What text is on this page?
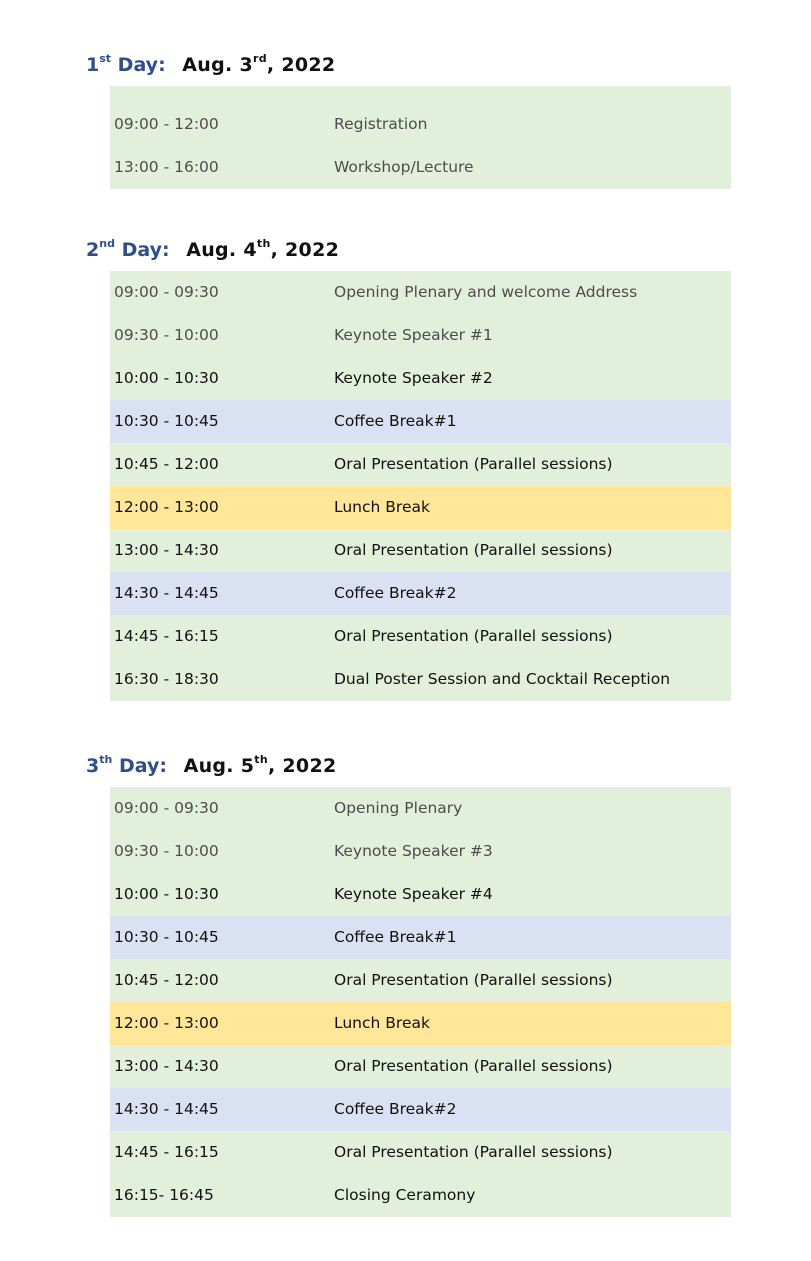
1st Day: Aug. 3rd, 2022
09:00 - 12:00	Registration
13:00 - 16:00	Workshop/Lecture
2nd Day: Aug. 4th, 2022
09:00 - 09:30	Opening Plenary and welcome Address
09:30 - 10:00	Keynote Speaker #1
10:00 - 10:30	Keynote Speaker #2
10:30 - 10:45	Coffee Break#1
10:45 - 12:00	Oral Presentation (Parallel sessions)
12:00 - 13:00	Lunch Break
13:00 - 14:30	Oral Presentation (Parallel sessions)
14:30 - 14:45	Coffee Break#2
14:45 - 16:15	Oral Presentation (Parallel sessions)
16:30 - 18:30	Dual Poster Session and Cocktail Reception
3th Day: Aug. 5th, 2022
09:00 - 09:30	Opening Plenary
09:30 - 10:00	Keynote Speaker #3
10:00 - 10:30	Keynote Speaker #4
10:30 - 10:45	Coffee Break#1
10:45 - 12:00	Oral Presentation (Parallel sessions)
12:00 - 13:00	Lunch Break
13:00 - 14:30	Oral Presentation (Parallel sessions)
14:30 - 14:45	Coffee Break#2
14:45 - 16:15	Oral Presentation (Parallel sessions)
16:15- 16:45	Closing Ceramony
